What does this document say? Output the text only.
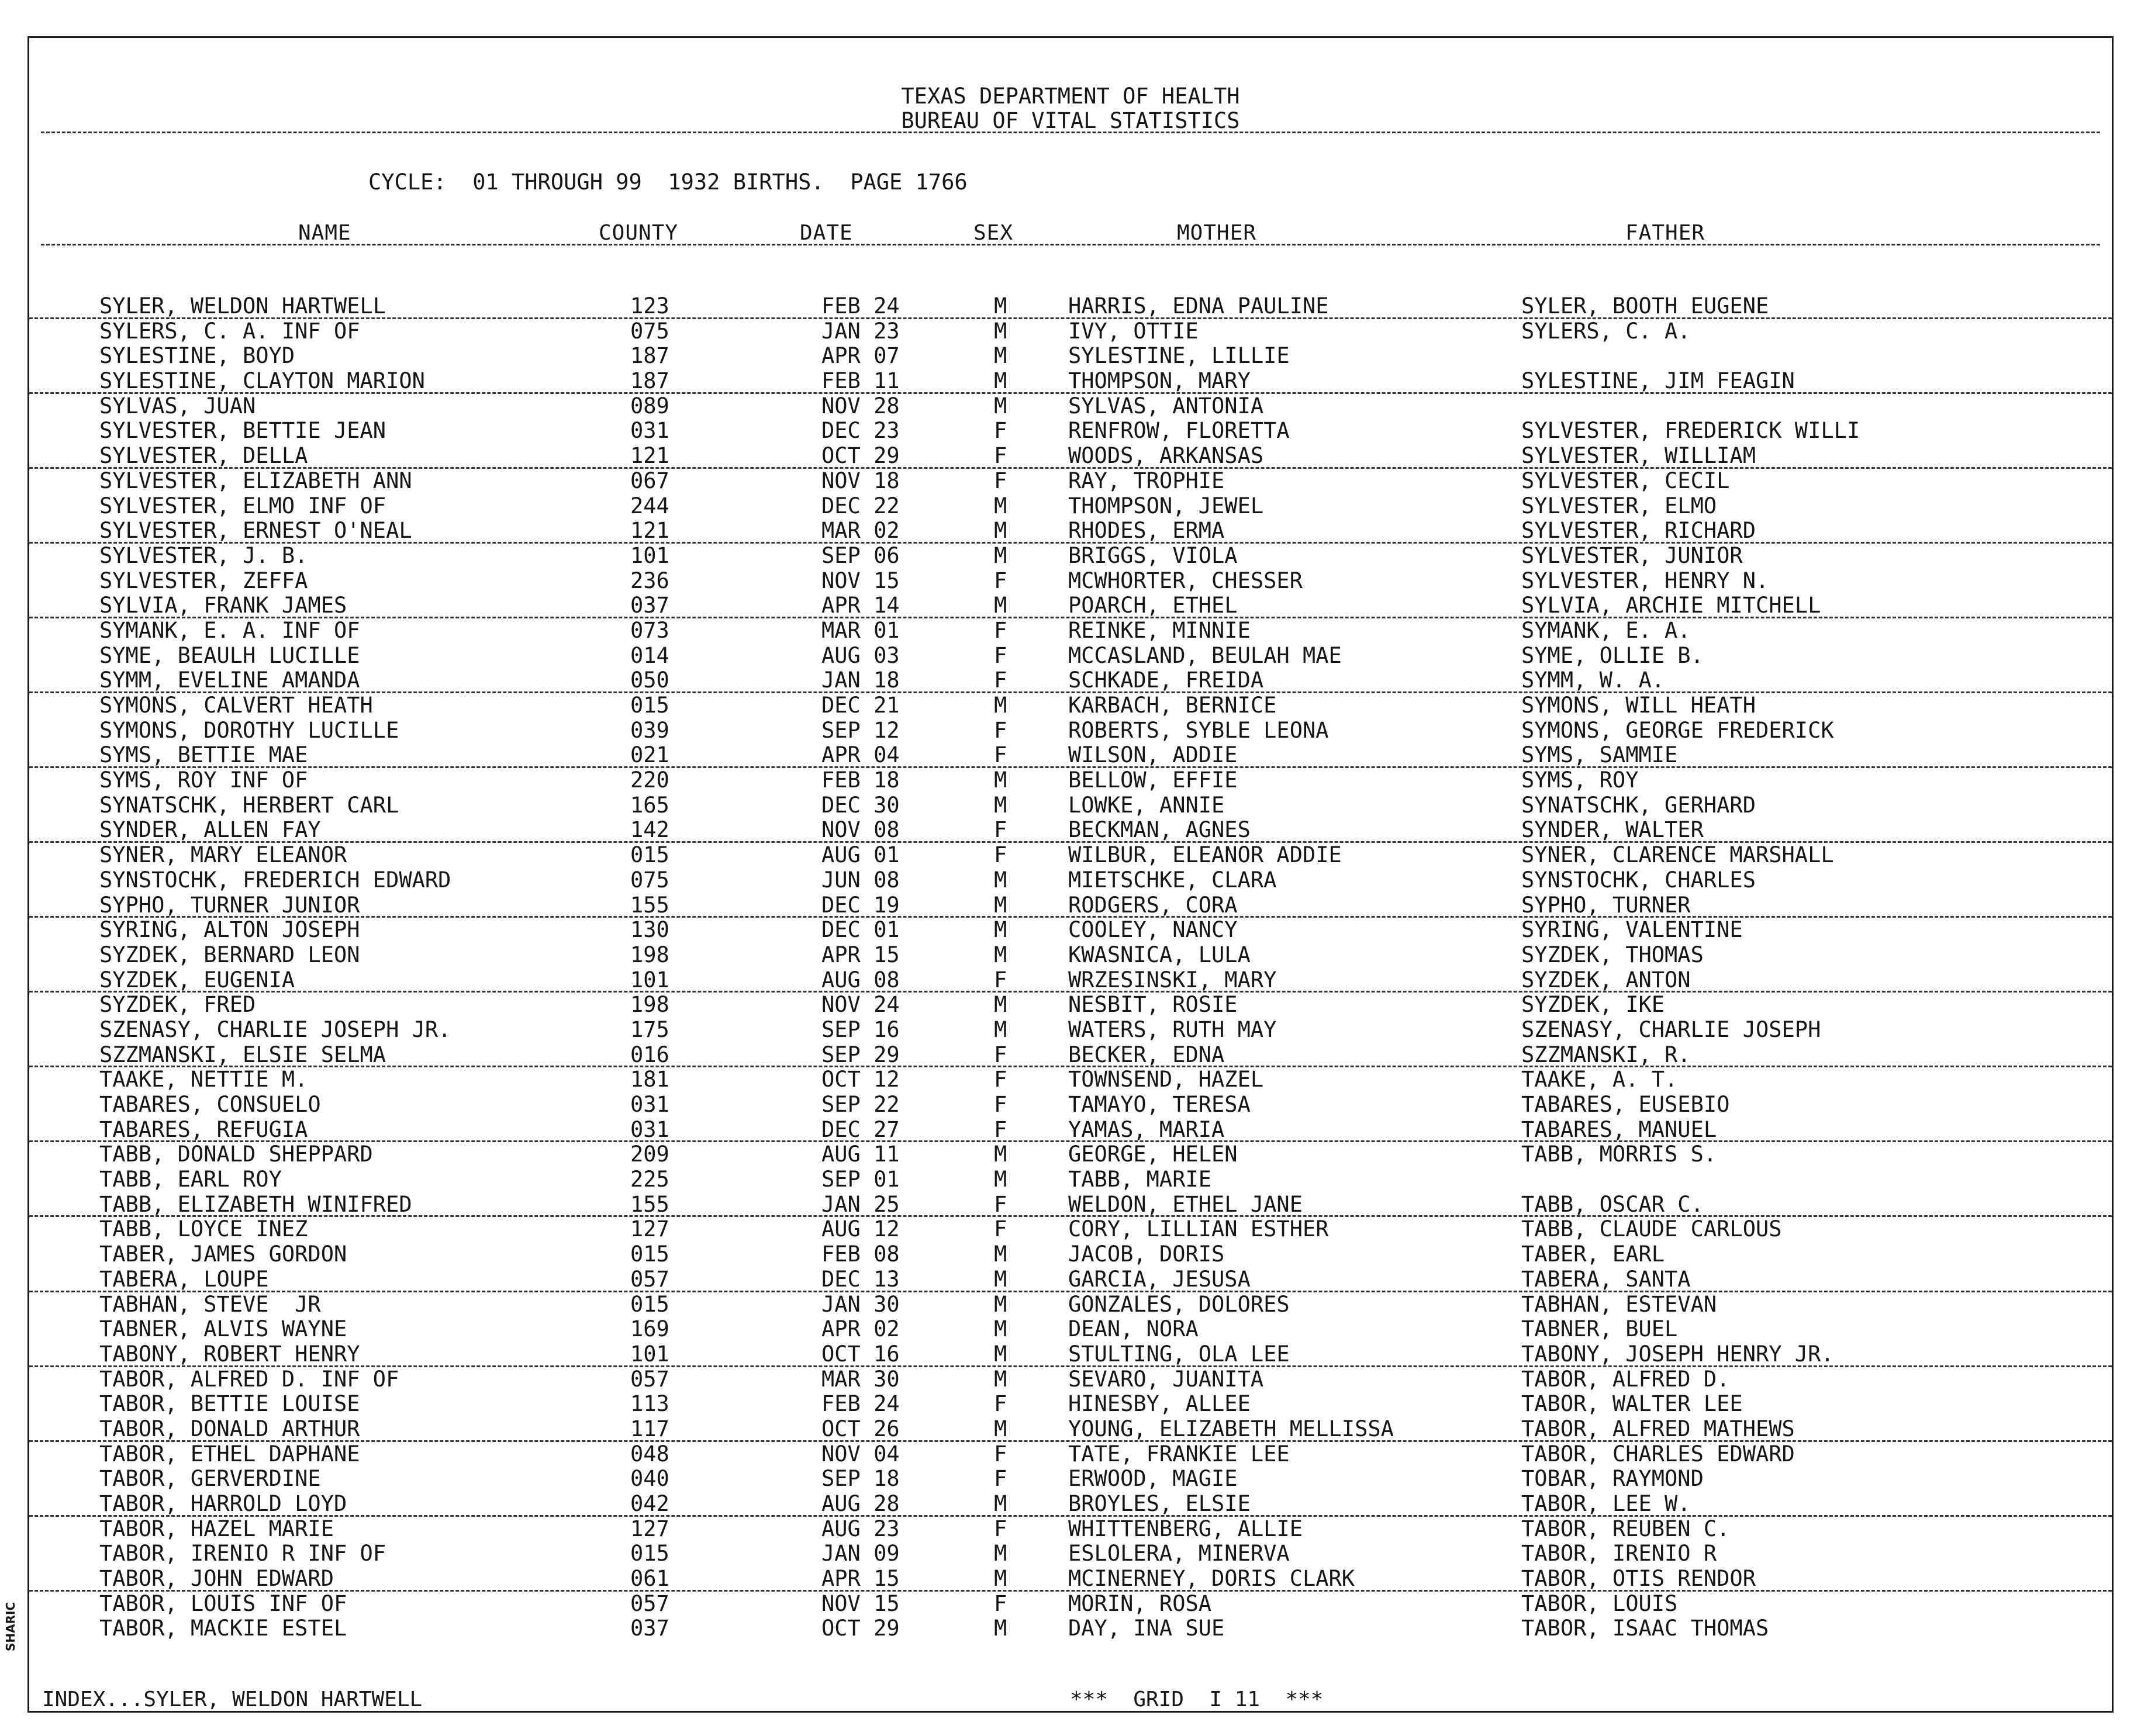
TEXAS DEPARTMENT OF HEALTH
BUREAU OF VITAL STATISTICS
CYCLE:  01 THROUGH 99  1932 BIRTHS.  PAGE 1766
NAME	COUNTY	DATE	SEX	MOTHER	FATHER
SYLER, WELDON HARTWELL	123	FEB 24	M	HARRIS, EDNA PAULINE	SYLER, BOOTH EUGENE
SYLERS, C. A. INF OF	075	JAN 23	M	IVY, OTTIE	SYLERS, C. A.
SYLESTINE, BOYD	187	APR 07	M	SYLESTINE, LILLIE
SYLESTINE, CLAYTON MARION	187	FEB 11	M	THOMPSON, MARY	SYLESTINE, JIM FEAGIN
SYLVAS, JUAN	089	NOV 28	M	SYLVAS, ANTONIA
SYLVESTER, BETTIE JEAN	031	DEC 23	F	RENFROW, FLORETTA	SYLVESTER, FREDERICK WILLI
SYLVESTER, DELLA	121	OCT 29	F	WOODS, ARKANSAS	SYLVESTER, WILLIAM
SYLVESTER, ELIZABETH ANN	067	NOV 18	F	RAY, TROPHIE	SYLVESTER, CECIL
SYLVESTER, ELMO INF OF	244	DEC 22	M	THOMPSON, JEWEL	SYLVESTER, ELMO
SYLVESTER, ERNEST O'NEAL	121	MAR 02	M	RHODES, ERMA	SYLVESTER, RICHARD
SYLVESTER, J. B.	101	SEP 06	M	BRIGGS, VIOLA	SYLVESTER, JUNIOR
SYLVESTER, ZEFFA	236	NOV 15	F	MCWHORTER, CHESSER	SYLVESTER, HENRY N.
SYLVIA, FRANK JAMES	037	APR 14	M	POARCH, ETHEL	SYLVIA, ARCHIE MITCHELL
SYMANK, E. A. INF OF	073	MAR 01	F	REINKE, MINNIE	SYMANK, E. A.
SYME, BEAULH LUCILLE	014	AUG 03	F	MCCASLAND, BEULAH MAE	SYME, OLLIE B.
SYMM, EVELINE AMANDA	050	JAN 18	F	SCHKADE, FREIDA	SYMM, W. A.
SYMONS, CALVERT HEATH	015	DEC 21	M	KARBACH, BERNICE	SYMONS, WILL HEATH
SYMONS, DOROTHY LUCILLE	039	SEP 12	F	ROBERTS, SYBLE LEONA	SYMONS, GEORGE FREDERICK
SYMS, BETTIE MAE	021	APR 04	F	WILSON, ADDIE	SYMS, SAMMIE
SYMS, ROY INF OF	220	FEB 18	M	BELLOW, EFFIE	SYMS, ROY
SYNATSCHK, HERBERT CARL	165	DEC 30	M	LOWKE, ANNIE	SYNATSCHK, GERHARD
SYNDER, ALLEN FAY	142	NOV 08	F	BECKMAN, AGNES	SYNDER, WALTER
SYNER, MARY ELEANOR	015	AUG 01	F	WILBUR, ELEANOR ADDIE	SYNER, CLARENCE MARSHALL
SYNSTOCHK, FREDERICH EDWARD	075	JUN 08	M	MIETSCHKE, CLARA	SYNSTOCHK, CHARLES
SYPHO, TURNER JUNIOR	155	DEC 19	M	RODGERS, CORA	SYPHO, TURNER
SYRING, ALTON JOSEPH	130	DEC 01	M	COOLEY, NANCY	SYRING, VALENTINE
SYZDEK, BERNARD LEON	198	APR 15	M	KWASNICA, LULA	SYZDEK, THOMAS
SYZDEK, EUGENIA	101	AUG 08	F	WRZESINSKI, MARY	SYZDEK, ANTON
SYZDEK, FRED	198	NOV 24	M	NESBIT, ROSIE	SYZDEK, IKE
SZENASY, CHARLIE JOSEPH JR.	175	SEP 16	M	WATERS, RUTH MAY	SZENASY, CHARLIE JOSEPH
SZZMANSKI, ELSIE SELMA	016	SEP 29	F	BECKER, EDNA	SZZMANSKI, R.
TAAKE, NETTIE M.	181	OCT 12	F	TOWNSEND, HAZEL	TAAKE, A. T.
TABARES, CONSUELO	031	SEP 22	F	TAMAYO, TERESA	TABARES, EUSEBIO
TABARES, REFUGIA	031	DEC 27	F	YAMAS, MARIA	TABARES, MANUEL
TABB, DONALD SHEPPARD	209	AUG 11	M	GEORGE, HELEN	TABB, MORRIS S.
TABB, EARL ROY	225	SEP 01	M	TABB, MARIE
TABB, ELIZABETH WINIFRED	155	JAN 25	F	WELDON, ETHEL JANE	TABB, OSCAR C.
TABB, LOYCE INEZ	127	AUG 12	F	CORY, LILLIAN ESTHER	TABB, CLAUDE CARLOUS
TABER, JAMES GORDON	015	FEB 08	M	JACOB, DORIS	TABER, EARL
TABERA, LOUPE	057	DEC 13	M	GARCIA, JESUSA	TABERA, SANTA
TABHAN, STEVE  JR	015	JAN 30	M	GONZALES, DOLORES	TABHAN, ESTEVAN
TABNER, ALVIS WAYNE	169	APR 02	M	DEAN, NORA	TABNER, BUEL
TABONY, ROBERT HENRY	101	OCT 16	M	STULTING, OLA LEE	TABONY, JOSEPH HENRY JR.
TABOR, ALFRED D. INF OF	057	MAR 30	M	SEVARO, JUANITA	TABOR, ALFRED D.
TABOR, BETTIE LOUISE	113	FEB 24	F	HINESBY, ALLEE	TABOR, WALTER LEE
TABOR, DONALD ARTHUR	117	OCT 26	M	YOUNG, ELIZABETH MELLISSA	TABOR, ALFRED MATHEWS
TABOR, ETHEL DAPHANE	048	NOV 04	F	TATE, FRANKIE LEE	TABOR, CHARLES EDWARD
TABOR, GERVERDINE	040	SEP 18	F	ERWOOD, MAGIE	TOBAR, RAYMOND
TABOR, HARROLD LOYD	042	AUG 28	M	BROYLES, ELSIE	TABOR, LEE W.
TABOR, HAZEL MARIE	127	AUG 23	F	WHITTENBERG, ALLIE	TABOR, REUBEN C.
TABOR, IRENIO R INF OF	015	JAN 09	M	ESLOLERA, MINERVA	TABOR, IRENIO R
TABOR, JOHN EDWARD	061	APR 15	M	MCINERNEY, DORIS CLARK	TABOR, OTIS RENDOR
TABOR, LOUIS INF OF	057	NOV 15	F	MORIN, ROSA	TABOR, LOUIS
TABOR, MACKIE ESTEL	037	OCT 29	M	DAY, INA SUE	TABOR, ISAAC THOMAS
INDEX...SYLER, WELDON HARTWELL	***  GRID  I 11  ***
SHARIC
